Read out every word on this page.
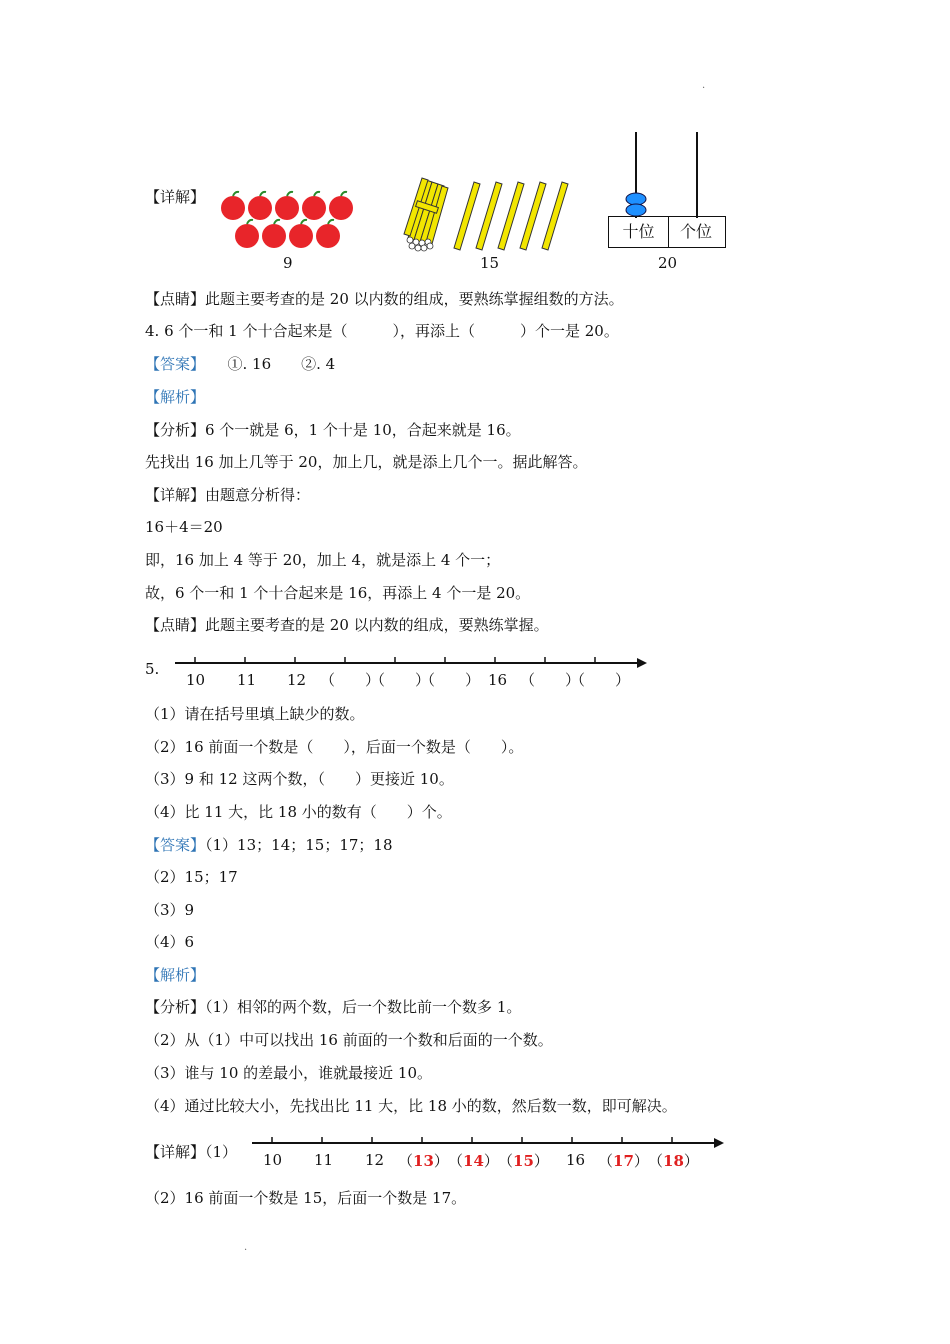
.
【详解】
9	15
十位	个位
20
【点睛】此题主要考查的是 20 以内数的组成，要熟练掌握组数的方法。
4. 6 个一和 1 个十合起来是（　　　），再添上（　　　）个一是 20。
【答案】　　①. 16　　②. 4
【解析】
【分析】6 个一就是 6，1 个十是 10，合起来就是 16。
先找出 16 加上几等于 20，加上几，就是添上几个一。据此解答。
【详解】由题意分析得：
16＋4＝20
即，16 加上 4 等于 20，加上 4，就是添上 4 个一；
故，6 个一和 1 个十合起来是 16，再添上 4 个一是 20。
【点睛】此题主要考查的是 20 以内数的组成，要熟练掌握。
5.
10 11 12 （　　）
（　　）
（　　） 16 （　　）
（　　）
（1）请在括号里填上缺少的数。
（2）16 前面一个数是（　　），后面一个数是（　　）。
（3）9 和 12 这两个数，（　　）更接近 10。
（4）比 11 大，比 18 小的数有（　　）个。
【答案】（1）13；14；15；17；18
（2）15；17
（3）9
（4）6
【解析】
【分析】（1）相邻的两个数，后一个数比前一个数多 1。
（2）从（1）中可以找出 16 前面的一个数和后面的一个数。
（3）谁与 10 的差最小，谁就最接近 10。
（4）通过比较大小，先找出比 11 大，比 18 小的数，然后数一数，即可解决。
【详解】（1） 10 11 12 （13） （14） （15） 16 （17） （18）
（2）16 前面一个数是 15，后面一个数是 17。
.
